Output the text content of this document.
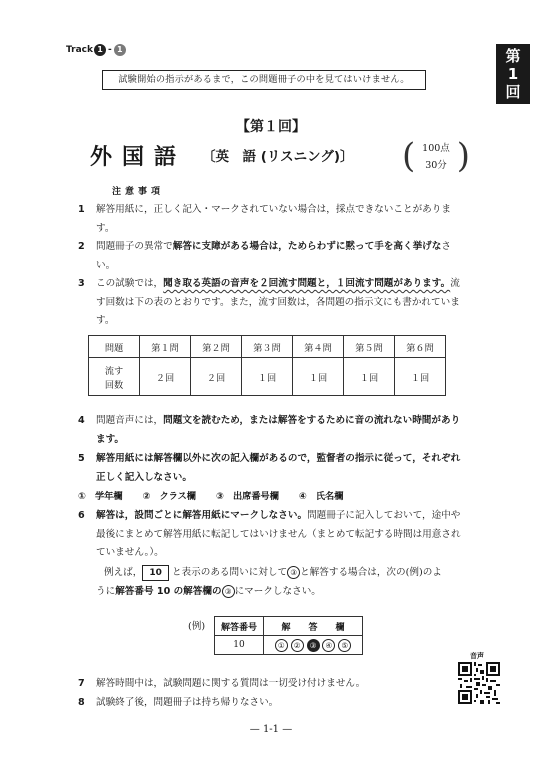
Track 1 - 1	第
1
回
試験開始の指示があるまで，この問題冊子の中を見てはいけません。
【第１回】
外国語 〔英　語 (リスニング)〕 ( 100点
30分 )
注意事項
1 解答用紙に，正しく記入・マークされていない場合は，採点できないことがあります。
2 問題冊子の異常で解答に支障がある場合は，ためらわずに黙って手を高く挙げなさい。
3 この試験では，聞き取る英語の音声を２回流す問題と，１回流す問題があります。流す回数は下の表のとおりです。また，流す回数は，各問題の指示文にも書かれています。
問題	第１問	第２問	第３問	第４問	第５問	第６問
流す回数	２回	２回	１回	１回	１回	１回
4 問題音声には，問題文を読むため，または解答をするために音の流れない時間があります。
5 解答用紙には解答欄以外に次の記入欄があるので，監督者の指示に従って，それぞれ正しく記入しなさい。
①　学年欄 ②　クラス欄 ③　出席番号欄 ④　氏名欄
6 解答は，設問ごとに解答用紙にマークしなさい。問題冊子に記入しておいて，途中や最後にまとめて解答用紙に転記してはいけません（まとめて転記する時間は用意されていません。）。
例えば， 10 と表示のある問いに対して ③ と解答する場合は，次の(例)のよ
うに解答番号 10 の解答欄の ③ にマークしなさい。
(例) 解答番号	解　　答　　欄
10	① ② ③ ④ ⑤
7 解答時間中は，試験問題に関する質問は一切受け付けません。
8 試験終了後，問題冊子は持ち帰りなさい。
音声
— 1-1 —
